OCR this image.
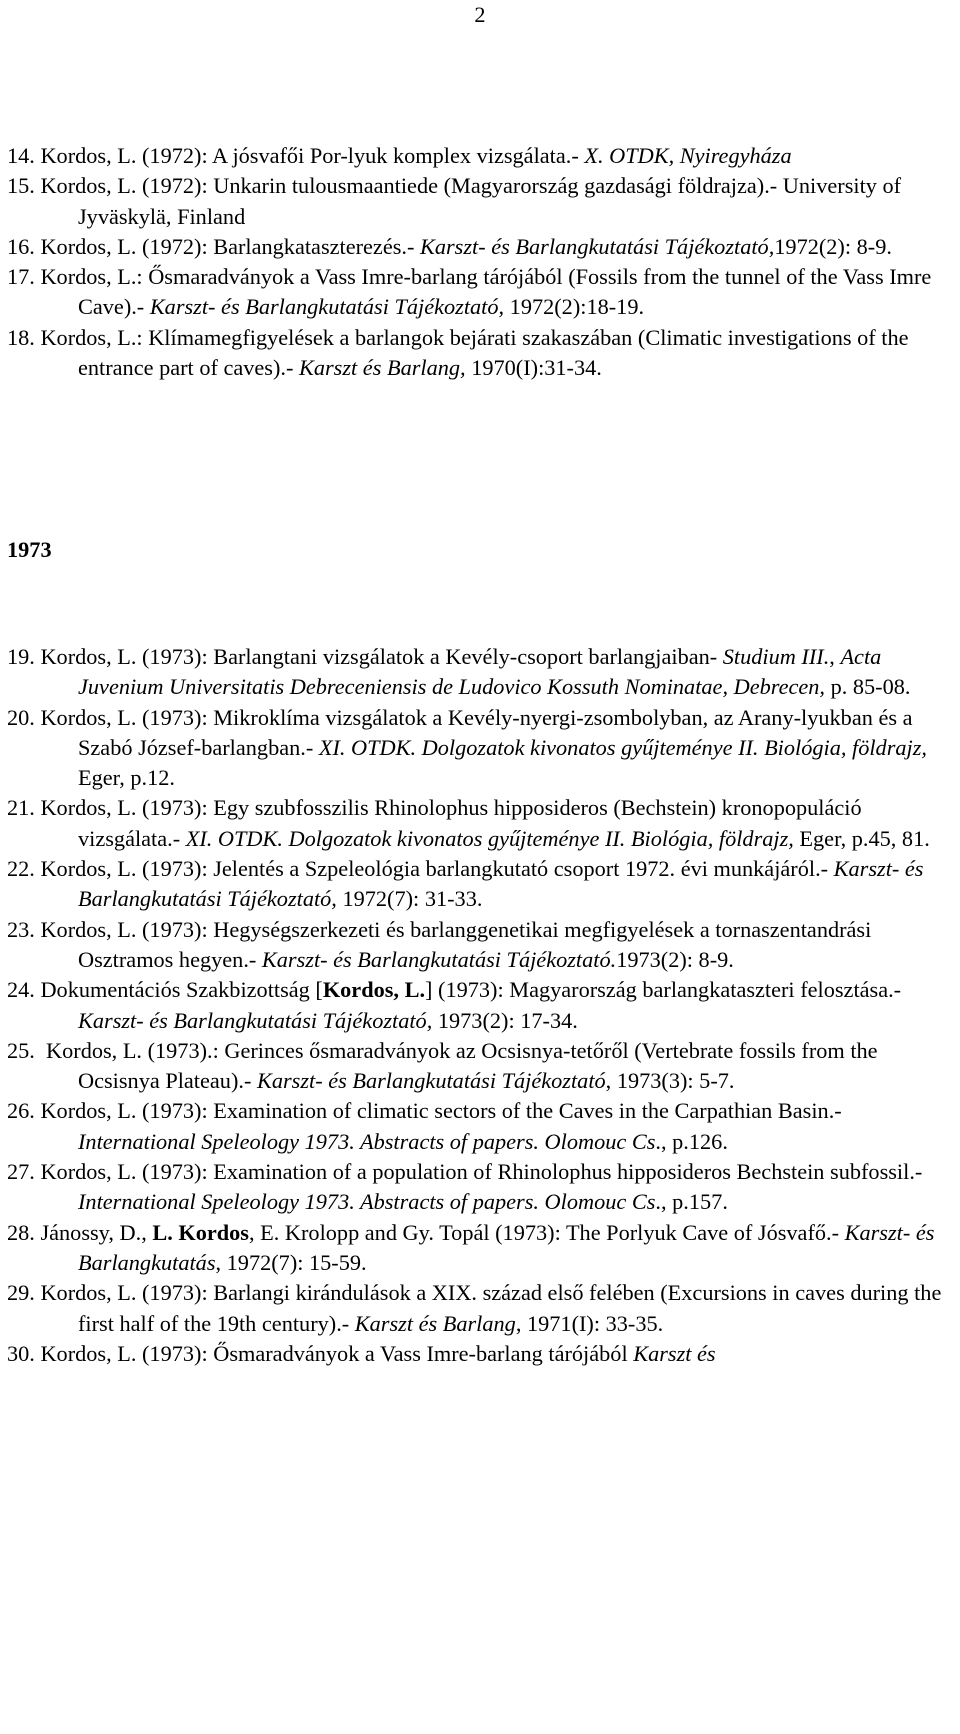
2
14. Kordos, L. (1972): A jósvafői Por-lyuk komplex vizsgálata.- X. OTDK, Nyiregyháza
15. Kordos, L. (1972): Unkarin tulousmaantiede (Magyarország gazdasági földrajza).- University of Jyväskylä, Finland
16. Kordos, L. (1972): Barlangkataszterezés.- Karszt- és Barlangkutatási Tájékoztató,1972(2): 8-9.
17. Kordos, L.: Ősmaradványok a Vass Imre-barlang tárójából (Fossils from the tunnel of the Vass Imre Cave).- Karszt- és Barlangkutatási Tájékoztató, 1972(2):18-19.
18. Kordos, L.: Klímamegfigyelések a barlangok bejárati szakaszában (Climatic investigations of the entrance part of caves).- Karszt és Barlang, 1970(I):31-34.
1973
19. Kordos, L. (1973): Barlangtani vizsgálatok a Kevély-csoport barlangjaiban- Studium III., Acta Juvenium Universitatis Debreceniensis de Ludovico Kossuth Nominatae, Debrecen, p. 85-08.
20. Kordos, L. (1973): Mikroklíma vizsgálatok a Kevély-nyergi-zsombolyban, az Arany-lyukban és a Szabó József-barlangban.- XI. OTDK. Dolgozatok kivonatos gyűjteménye II. Biológia, földrajz, Eger, p.12.
21. Kordos, L. (1973): Egy szubfosszilis Rhinolophus hipposideros (Bechstein) kronopopuláció vizsgálata.- XI. OTDK. Dolgozatok kivonatos gyűjteménye II. Biológia, földrajz, Eger, p.45, 81.
22. Kordos, L. (1973): Jelentés a Szpeleológia barlangkutató csoport 1972. évi munkájáról.- Karszt- és Barlangkutatási Tájékoztató, 1972(7): 31-33.
23. Kordos, L. (1973): Hegységszerkezeti és barlanggenetikai megfigyelések a tornaszentandrási Osztramos hegyen.- Karszt- és Barlangkutatási Tájékoztató.1973(2): 8-9.
24. Dokumentációs Szakbizottság [Kordos, L.] (1973): Magyarország barlangkataszteri felosztása.- Karszt- és Barlangkutatási Tájékoztató, 1973(2): 17-34.
25.  Kordos, L. (1973).: Gerinces ősmaradványok az Ocsisnya-tetőről (Vertebrate fossils from the Ocsisnya Plateau).- Karszt- és Barlangkutatási Tájékoztató, 1973(3): 5-7.
26. Kordos, L. (1973): Examination of climatic sectors of the Caves in the Carpathian Basin.- International Speleology 1973. Abstracts of papers. Olomouc Cs., p.126.
27. Kordos, L. (1973): Examination of a population of Rhinolophus hipposideros Bechstein subfossil.- International Speleology 1973. Abstracts of papers. Olomouc Cs., p.157.
28. Jánossy, D., L. Kordos, E. Krolopp and Gy. Topál (1973): The Porlyuk Cave of Jósvafő.- Karszt- és Barlangkutatás, 1972(7): 15-59.
29. Kordos, L. (1973): Barlangi kirándulások a XIX. század első felében (Excursions in caves during the first half of the 19th century).- Karszt és Barlang, 1971(I): 33-35.
30. Kordos, L. (1973): Ősmaradványok a Vass Imre-barlang tárójából Karszt és
